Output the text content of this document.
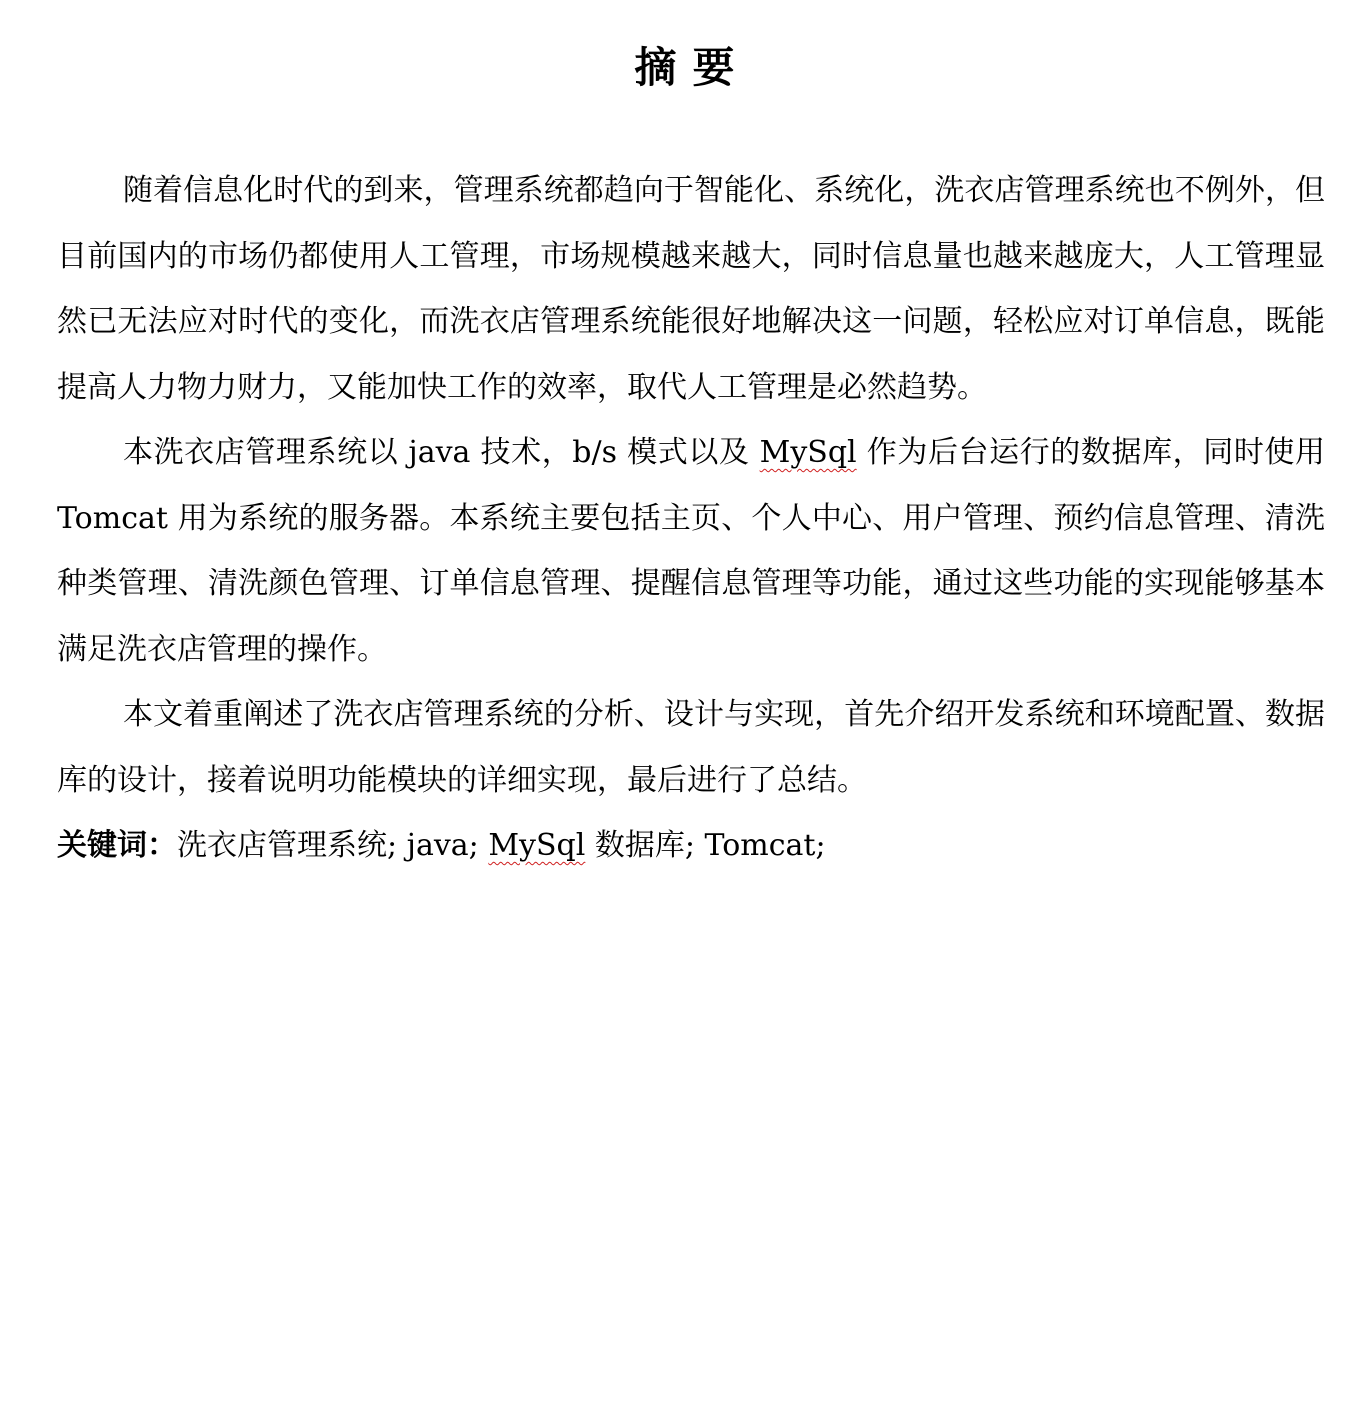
摘要

随着信息化时代的到来，管理系统都趋向于智能化、系统化，洗衣店管理系统也不例外，但目前国内的市场仍都使用人工管理，市场规模越来越大，同时信息量也越来越庞大，人工管理显然已无法应对时代的变化，而洗衣店管理系统能很好地解决这一问题，轻松应对订单信息，既能提高人力物力财力，又能加快工作的效率，取代人工管理是必然趋势。

本洗衣店管理系统以 java 技术，b/s 模式以及 MySql 作为后台运行的数据库，同时使用 Tomcat 用为系统的服务器。本系统主要包括主页、个人中心、用户管理、预约信息管理、清洗种类管理、清洗颜色管理、订单信息管理、提醒信息管理等功能，通过这些功能的实现能够基本满足洗衣店管理的操作。

本文着重阐述了洗衣店管理系统的分析、设计与实现，首先介绍开发系统和环境配置、数据库的设计，接着说明功能模块的详细实现，最后进行了总结。

关键词：洗衣店管理系统; java; MySql 数据库; Tomcat;
